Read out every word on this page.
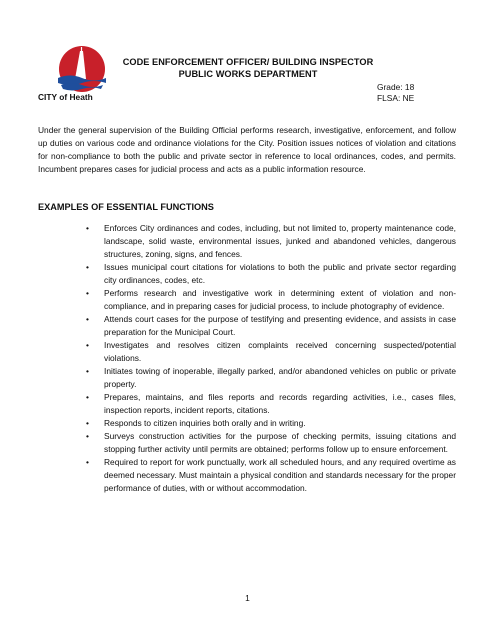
CODE ENFORCEMENT OFFICER/ BUILDING INSPECTOR
PUBLIC WORKS DEPARTMENT
CITY of Heath
Grade: 18
FLSA: NE

Under the general supervision of the Building Official performs research, investigative, enforcement, and follow up duties on various code and ordinance violations for the City. Position issues notices of violation and citations for non-compliance to both the public and private sector in reference to local ordinances, codes, and permits. Incumbent prepares cases for judicial process and acts as a public information resource.

EXAMPLES OF ESSENTIAL FUNCTIONS
• Enforces City ordinances and codes, including, but not limited to, property maintenance code, landscape, solid waste, environmental issues, junked and abandoned vehicles, dangerous structures, zoning, signs, and fences.
• Issues municipal court citations for violations to both the public and private sector regarding city ordinances, codes, etc.
• Performs research and investigative work in determining extent of violation and non-compliance, and in preparing cases for judicial process, to include photography of evidence.
• Attends court cases for the purpose of testifying and presenting evidence, and assists in case preparation for the Municipal Court.
• Investigates and resolves citizen complaints received concerning suspected/potential violations.
• Initiates towing of inoperable, illegally parked, and/or abandoned vehicles on public or private property.
• Prepares, maintains, and files reports and records regarding activities, i.e., cases files, inspection reports, incident reports, citations.
• Responds to citizen inquiries both orally and in writing.
• Surveys construction activities for the purpose of checking permits, issuing citations and stopping further activity until permits are obtained; performs follow up to ensure enforcement.
• Required to report for work punctually, work all scheduled hours, and any required overtime as deemed necessary. Must maintain a physical condition and standards necessary for the proper performance of duties, with or without accommodation.
1
